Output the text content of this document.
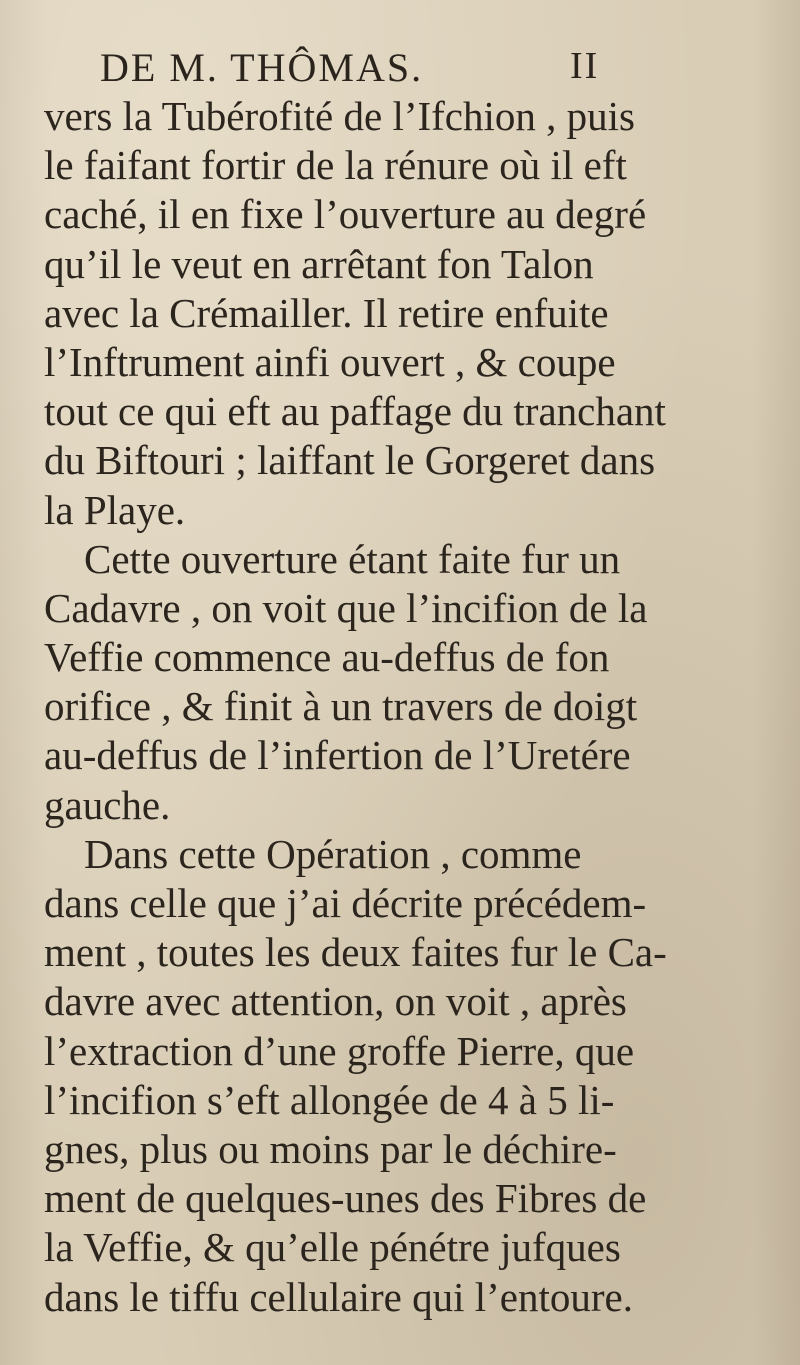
DE M. THÔMAS.	II
vers la Tubérofité de l’Ifchion , puis
le faifant fortir de la rénure où il eft
caché, il en fixe l’ouverture au degré
qu’il le veut en arrêtant fon Talon
avec la Crémailler. Il retire enfuite
l’Inftrument ainfi ouvert , & coupe
tout ce qui eft au paffage du tranchant
du Biftouri ; laiffant le Gorgeret dans
la Playe.
Cette ouverture étant faite fur un
Cadavre , on voit que l’incifion de la
Veffie commence au-deffus de fon
orifice , & finit à un travers de doigt
au-deffus de l’infertion de l’Uretére
gauche.
Dans cette Opération , comme
dans celle que j’ai décrite précédem-
ment , toutes les deux faites fur le Ca-
davre avec attention, on voit , après
l’extraction d’une groffe Pierre, que
l’incifion s’eft allongée de 4 à 5 li-
gnes, plus ou moins par le déchire-
ment de quelques-unes des Fibres de
la Veffie, & qu’elle pénétre jufques
dans le tiffu cellulaire qui l’entoure.
